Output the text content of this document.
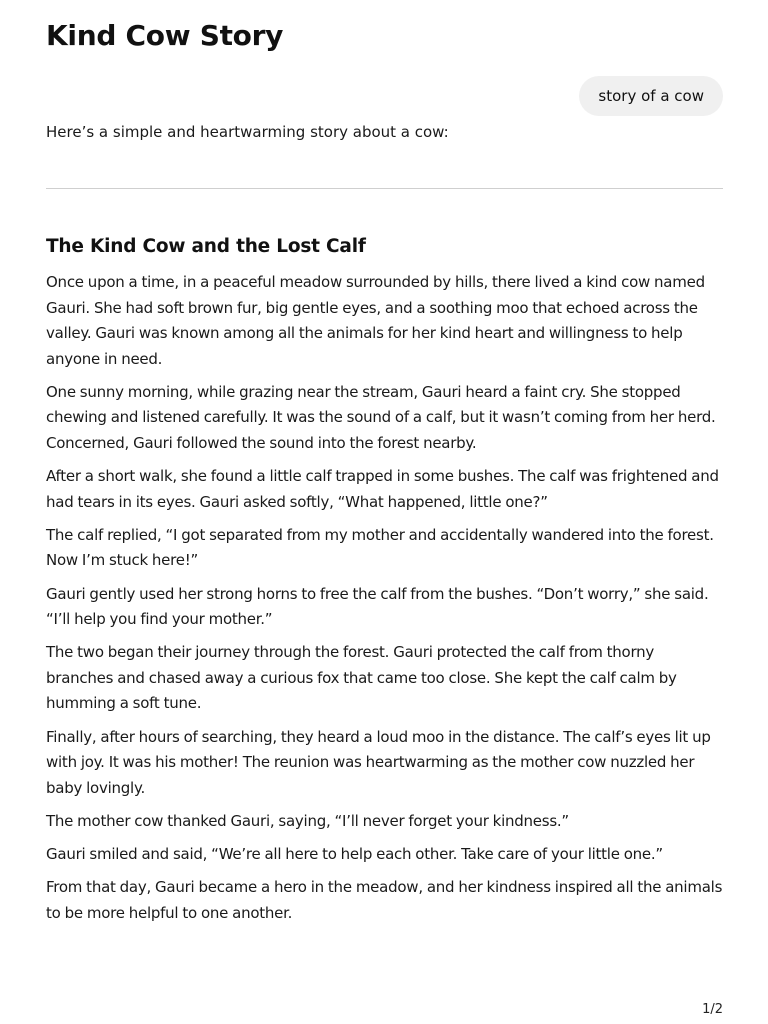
Kind Cow Story
story of a cow

Here’s a simple and heartwarming story about a cow:

The Kind Cow and the Lost Calf

Once upon a time, in a peaceful meadow surrounded by hills, there lived a kind cow named Gauri. She had soft brown fur, big gentle eyes, and a soothing moo that echoed across the valley. Gauri was known among all the animals for her kind heart and willingness to help anyone in need.

One sunny morning, while grazing near the stream, Gauri heard a faint cry. She stopped chewing and listened carefully. It was the sound of a calf, but it wasn’t coming from her herd. Concerned, Gauri followed the sound into the forest nearby.

After a short walk, she found a little calf trapped in some bushes. The calf was frightened and had tears in its eyes. Gauri asked softly, “What happened, little one?”

The calf replied, “I got separated from my mother and accidentally wandered into the forest. Now I’m stuck here!”

Gauri gently used her strong horns to free the calf from the bushes. “Don’t worry,” she said. “I’ll help you find your mother.”

The two began their journey through the forest. Gauri protected the calf from thorny branches and chased away a curious fox that came too close. She kept the calf calm by humming a soft tune.

Finally, after hours of searching, they heard a loud moo in the distance. The calf’s eyes lit up with joy. It was his mother! The reunion was heartwarming as the mother cow nuzzled her baby lovingly.

The mother cow thanked Gauri, saying, “I’ll never forget your kindness.”

Gauri smiled and said, “We’re all here to help each other. Take care of your little one.”

From that day, Gauri became a hero in the meadow, and her kindness inspired all the animals to be more helpful to one another.

1/2
